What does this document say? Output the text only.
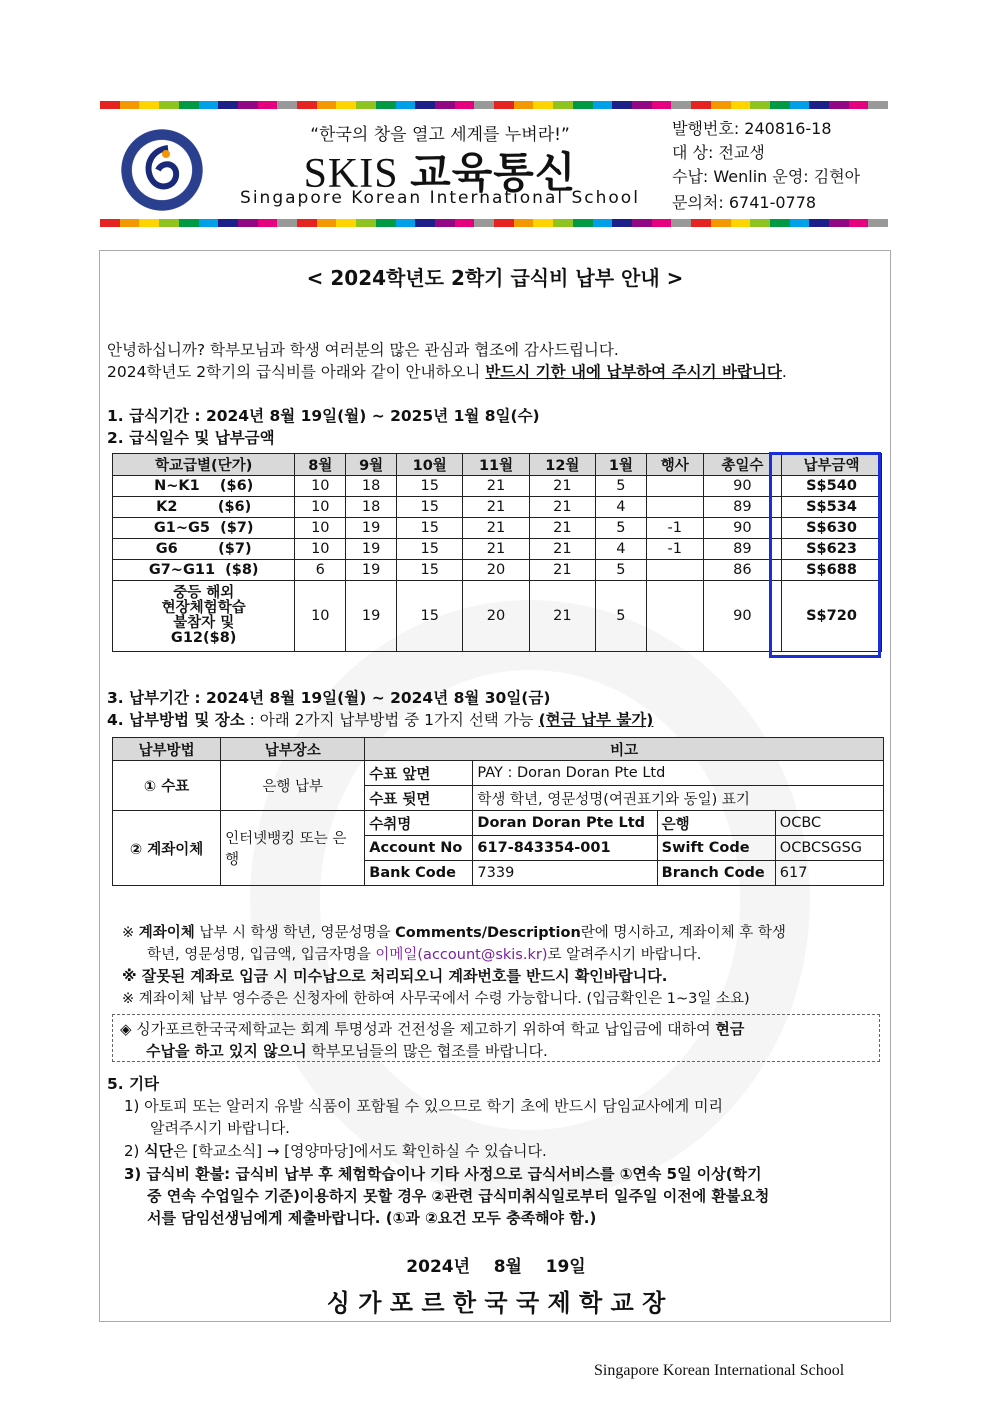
“한국의 창을 열고 세계를 누벼라!”
SKIS 교육통신
Singapore Korean International School
발행번호: 240816-18
대 상: 전교생
수납: Wenlin 운영: 김현아
문의처: 6741-0778
< 2024학년도 2학기 급식비 납부 안내 >
안녕하십니까? 학부모님과 학생 여러분의 많은 관심과 협조에 감사드립니다.
2024학년도 2학기의 급식비를 아래와 같이 안내하오니 반드시 기한 내에 납부하여 주시기 바랍니다.
1. 급식기간 : 2024년 8월 19일(월) ~ 2025년 1월 8일(수)
2. 급식일수 및 납부금액
학교급별(단가)	8월	9월	10월	11월	12월	1월	행사	총일수	납부금액
N~K1    ($6)	10	18	15	21	21	5		90	S$540
K2        ($6)	10	18	15	21	21	4		89	S$534
G1~G5  ($7)	10	19	15	21	21	5	-1	90	S$630
G6        ($7)	10	19	15	21	21	4	-1	89	S$623
G7~G11  ($8)	6	19	15	20	21	5		86	S$688

중등 해외
현장체험학습
불참자 및
G12($8)	10	19	15	20	21	5		90	S$720
3. 납부기간 : 2024년 8월 19일(월) ~ 2024년 8월 30일(금)
4. 납부방법 및 장소 : 아래 2가지 납부방법 중 1가지 선택 가능 (현금 납부 불가)
납부방법	납부장소	비고			
① 수표	은행 납부	수표 앞면	PAY : Doran Doran Pte Ltd		
		수표 뒷면	학생 학년, 영문성명(여권표기와 동일) 표기		
② 계좌이체	인터넷뱅킹 또는 은행	수취명	Doran Doran Pte Ltd	은행	OCBC
		Account No	617-843354-001	Swift Code	OCBCSGSG
		Bank Code	7339	Branch Code	617
※ 계좌이체 납부 시 학생 학년, 영문성명을 Comments/Description란에 명시하고, 계좌이체 후 학생
학년, 영문성명, 입금액, 입금자명을 이메일(account@skis.kr)로 알려주시기 바랍니다.
※ 잘못된 계좌로 입금 시 미수납으로 처리되오니 계좌번호를 반드시 확인바랍니다.
※ 계좌이체 납부 영수증은 신청자에 한하여 사무국에서 수령 가능합니다. (입금확인은 1~3일 소요)
◈ 싱가포르한국국제학교는 회계 투명성과 건전성을 제고하기 위하여 학교 납입금에 대하여 현금
수납을 하고 있지 않으니 학부모님들의 많은 협조를 바랍니다.
5. 기타
1) 아토피 또는 알러지 유발 식품이 포함될 수 있으므로 학기 초에 반드시 담임교사에게 미리
알려주시기 바랍니다.
2) 식단은 [학교소식] → [영양마당]에서도 확인하실 수 있습니다.
3) 급식비 환불: 급식비 납부 후 체험학습이나 기타 사정으로 급식서비스를 ①연속 5일 이상(학기
중 연속 수업일수 기준)이용하지 못할 경우 ②관련 급식미취식일로부터 일주일 이전에 환불요청
서를 담임선생님에게 제출바랍니다. (①과 ②요건 모두 충족해야 함.)
2024년    8월    19일
싱 가 포 르 한 국 국 제 학 교 장
Singapore Korean International School
